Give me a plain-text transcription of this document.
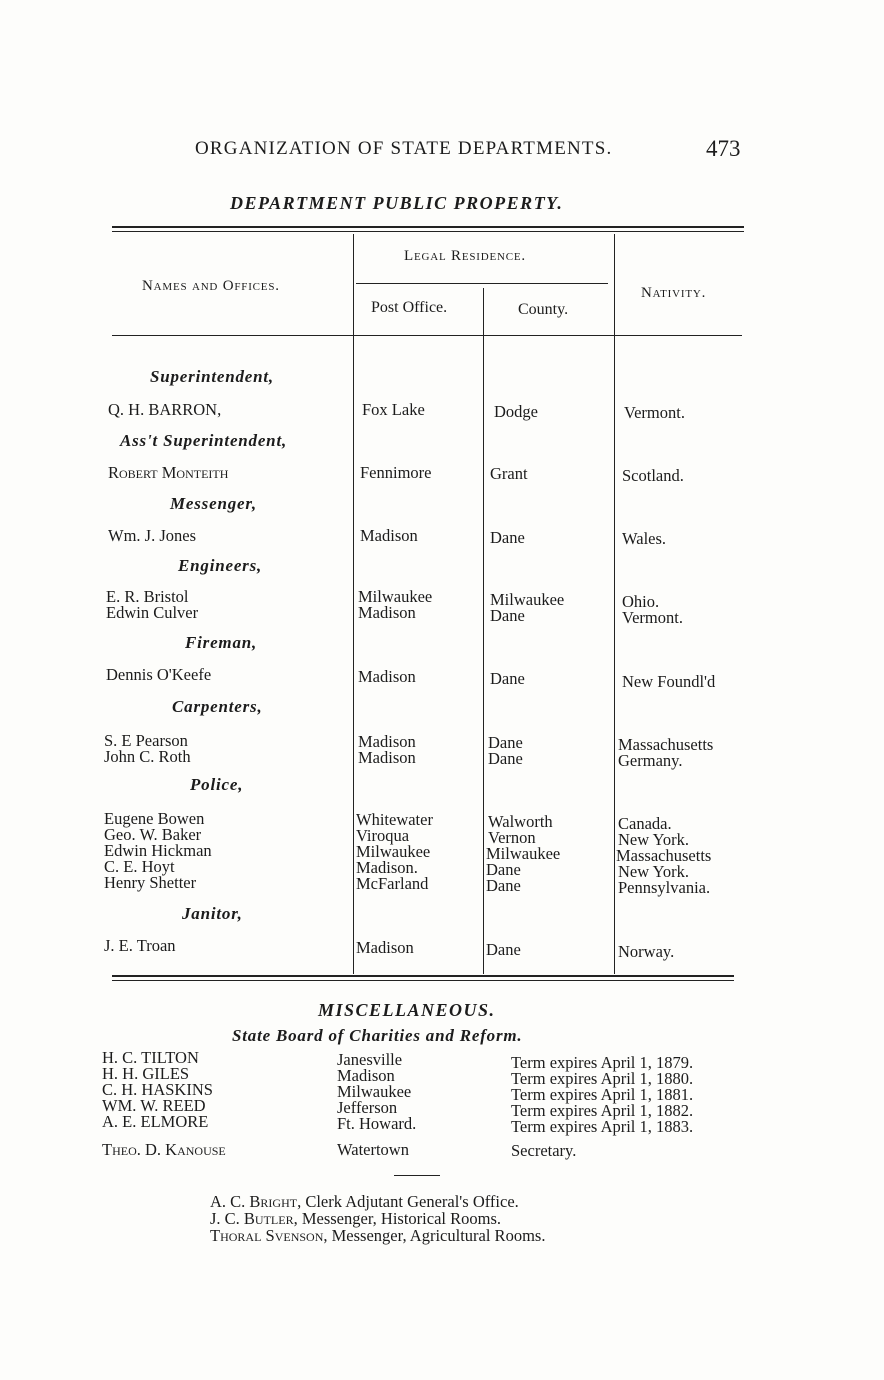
ORGANIZATION OF STATE DEPARTMENTS.	473
DEPARTMENT PUBLIC PROPERTY.
Names and Offices.
Legal Residence.
Post Office.	County.
Nativity.
Superintendent,
Q. H. BARRON,	Fox Lake	Dodge	Vermont.
Ass't Superintendent,
Robert Monteith	Fennimore	Grant	Scotland.
Messenger,
Wm. J. Jones	Madison	Dane	Wales.
Engineers,
E. R. Bristol	Milwaukee	Milwaukee	Ohio.
Edwin Culver	Madison	Dane	Vermont.
Fireman,
Dennis O'Keefe	Madison	Dane	New Foundl'd
Carpenters,
S. E Pearson	Madison	Dane	Massachusetts
John C. Roth	Madison	Dane	Germany.
Police,
Eugene Bowen	Whitewater	Walworth	Canada.
Geo. W. Baker	Viroqua	Vernon	New York.
Edwin Hickman	Milwaukee	Milwaukee	Massachusetts
C. E. Hoyt	Madison.	Dane	New York.
Henry Shetter	McFarland	Dane	Pennsylvania.
Janitor,
J. E. Troan	Madison	Dane	Norway.
MISCELLANEOUS.
State Board of Charities and Reform.
H. C. TILTON	Janesville	Term expires April 1, 1879.
H. H. GILES	Madison	Term expires April 1, 1880.
C. H. HASKINS	Milwaukee	Term expires April 1, 1881.
WM. W. REED	Jefferson	Term expires April 1, 1882.
A. E. ELMORE	Ft. Howard.	Term expires April 1, 1883.
Theo. D. Kanouse	Watertown	Secretary.
A. C. Bright, Clerk Adjutant General's Office.
J. C. Butler, Messenger, Historical Rooms.
Thoral Svenson, Messenger, Agricultural Rooms.
